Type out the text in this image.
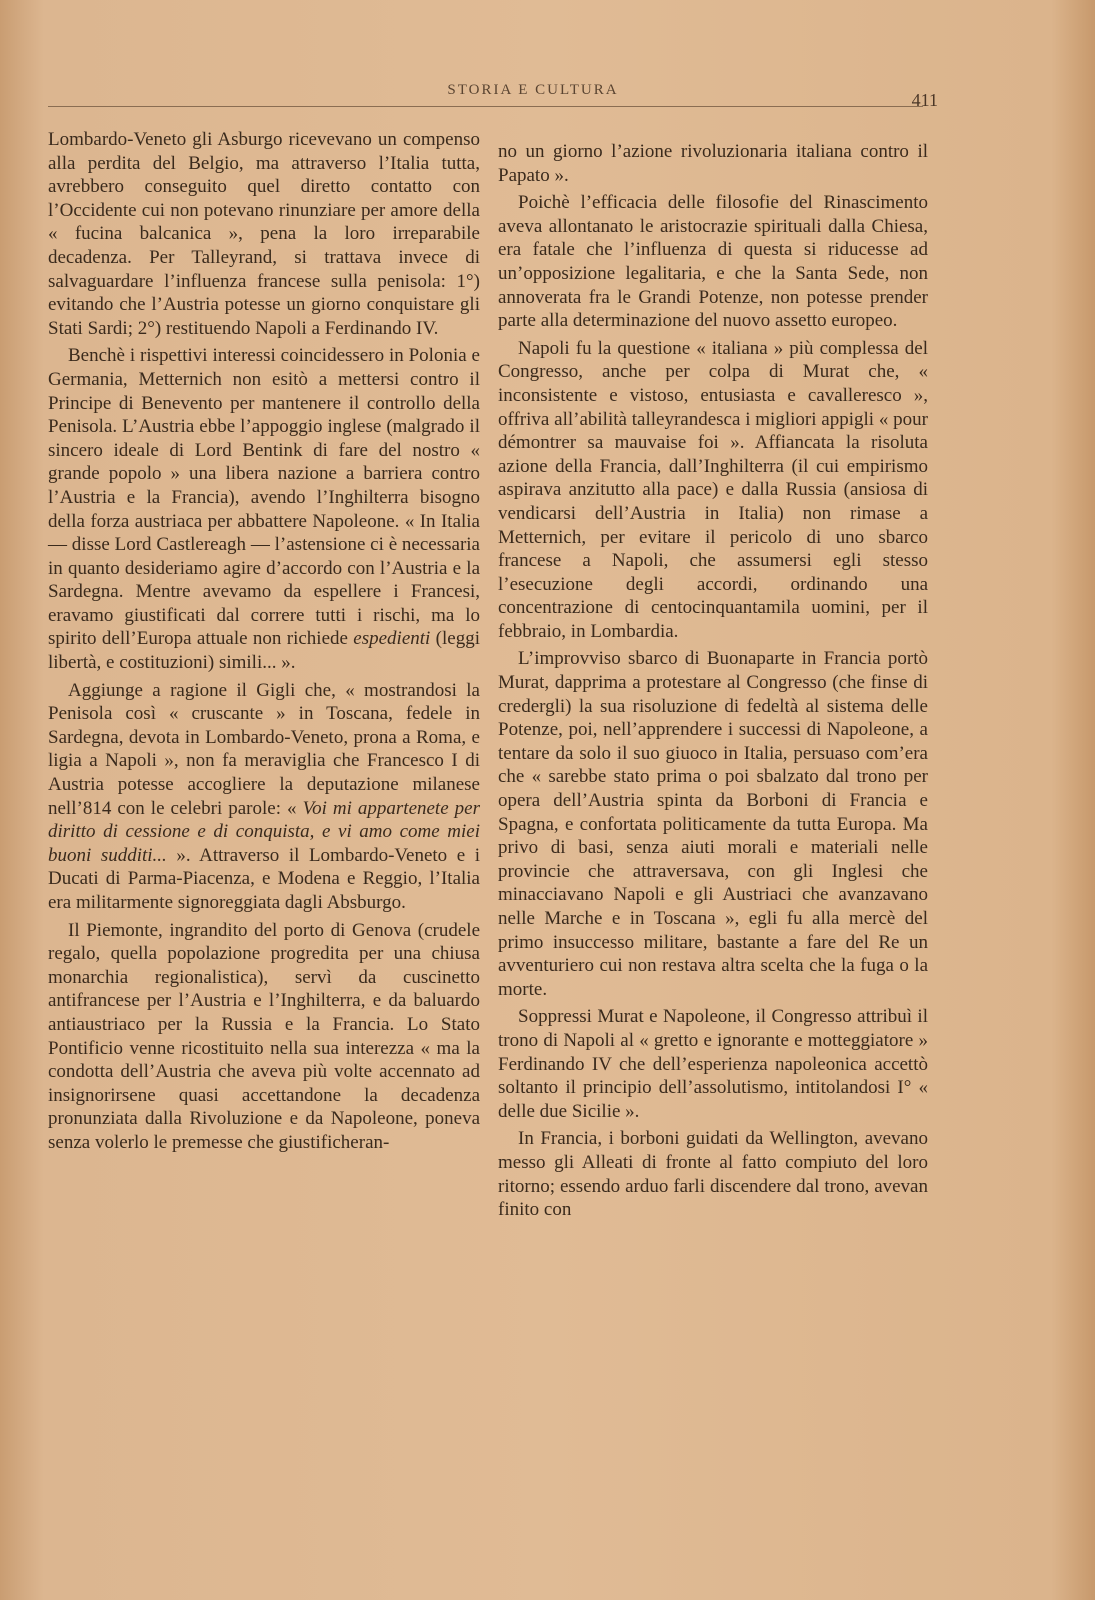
STORIA E CULTURA	411

Lombardo-Veneto gli Asburgo ricevevano un compenso alla perdita del Belgio, ma attraverso l’Italia tutta, avrebbero conseguito quel diretto contatto con l’Occidente cui non potevano rinunziare per amore della « fucina balcanica », pena la loro irreparabile decadenza. Per Talleyrand, si trattava invece di salvaguardare l’influenza francese sulla penisola: 1°) evitando che l’Austria potesse un giorno conquistare gli Stati Sardi; 2°) restituendo Napoli a Ferdinando IV.

Benchè i rispettivi interessi coincidessero in Polonia e Germania, Metternich non esitò a mettersi contro il Principe di Benevento per mantenere il controllo della Penisola. L’Austria ebbe l’appoggio inglese (malgrado il sincero ideale di Lord Bentink di fare del nostro « grande popolo » una libera nazione a barriera contro l’Austria e la Francia), avendo l’Inghilterra bisogno della forza austriaca per abbattere Napoleone. « In Italia — disse Lord Castlereagh — l’astensione ci è necessaria in quanto desideriamo agire d’accordo con l’Austria e la Sardegna. Mentre avevamo da espellere i Francesi, eravamo giustificati dal correre tutti i rischi, ma lo spirito dell’Europa attuale non richiede espedienti (leggi libertà, e costituzioni) simili... ».

Aggiunge a ragione il Gigli che, « mostrandosi la Penisola così « cruscante » in Toscana, fedele in Sardegna, devota in Lombardo-Veneto, prona a Roma, e ligia a Napoli », non fa meraviglia che Francesco I di Austria potesse accogliere la deputazione milanese nell’814 con le celebri parole: « Voi mi appartenete per diritto di cessione e di conquista, e vi amo come miei buoni sudditi... ». Attraverso il Lombardo-Veneto e i Ducati di Parma-Piacenza, e Modena e Reggio, l’Italia era militarmente signoreggiata dagli Absburgo.

Il Piemonte, ingrandito del porto di Genova (crudele regalo, quella popolazione progredita per una chiusa monarchia regionalistica), servì da cuscinetto antifrancese per l’Austria e l’Inghilterra, e da baluardo antiaustriaco per la Russia e la Francia. Lo Stato Pontificio venne ricostituito nella sua interezza « ma la condotta dell’Austria che aveva più volte accennato ad insignorirsene quasi accettandone la decadenza pronunziata dalla Rivoluzione e da Napoleone, poneva senza volerlo le premesse che giustificheran-

no un giorno l’azione rivoluzionaria italiana contro il Papato ».

Poichè l’efficacia delle filosofie del Rinascimento aveva allontanato le aristocrazie spirituali dalla Chiesa, era fatale che l’influenza di questa si riducesse ad un’opposizione legalitaria, e che la Santa Sede, non annoverata fra le Grandi Potenze, non potesse prender parte alla determinazione del nuovo assetto europeo.

Napoli fu la questione « italiana » più complessa del Congresso, anche per colpa di Murat che, « inconsistente e vistoso, entusiasta e cavalleresco », offriva all’abilità talleyrandesca i migliori appigli « pour démontrer sa mauvaise foi ». Affiancata la risoluta azione della Francia, dall’Inghilterra (il cui empirismo aspirava anzitutto alla pace) e dalla Russia (ansiosa di vendicarsi dell’Austria in Italia) non rimase a Metternich, per evitare il pericolo di uno sbarco francese a Napoli, che assumersi egli stesso l’esecuzione degli accordi, ordinando una concentrazione di centocinquantamila uomini, per il febbraio, in Lombardia.

L’improvviso sbarco di Buonaparte in Francia portò Murat, dapprima a protestare al Congresso (che finse di credergli) la sua risoluzione di fedeltà al sistema delle Potenze, poi, nell’apprendere i successi di Napoleone, a tentare da solo il suo giuoco in Italia, persuaso com’era che « sarebbe stato prima o poi sbalzato dal trono per opera dell’Austria spinta da Borboni di Francia e Spagna, e confortata politicamente da tutta Europa. Ma privo di basi, senza aiuti morali e materiali nelle provincie che attraversava, con gli Inglesi che minacciavano Napoli e gli Austriaci che avanzavano nelle Marche e in Toscana », egli fu alla mercè del primo insuccesso militare, bastante a fare del Re un avventuriero cui non restava altra scelta che la fuga o la morte.

Soppressi Murat e Napoleone, il Congresso attribuì il trono di Napoli al « gretto e ignorante e motteggiatore » Ferdinando IV che dell’esperienza napoleonica accettò soltanto il principio dell’assolutismo, intitolandosi I° « delle due Sicilie ».

In Francia, i borboni guidati da Wellington, avevano messo gli Alleati di fronte al fatto compiuto del loro ritorno; essendo arduo farli discendere dal trono, avevan finito con
